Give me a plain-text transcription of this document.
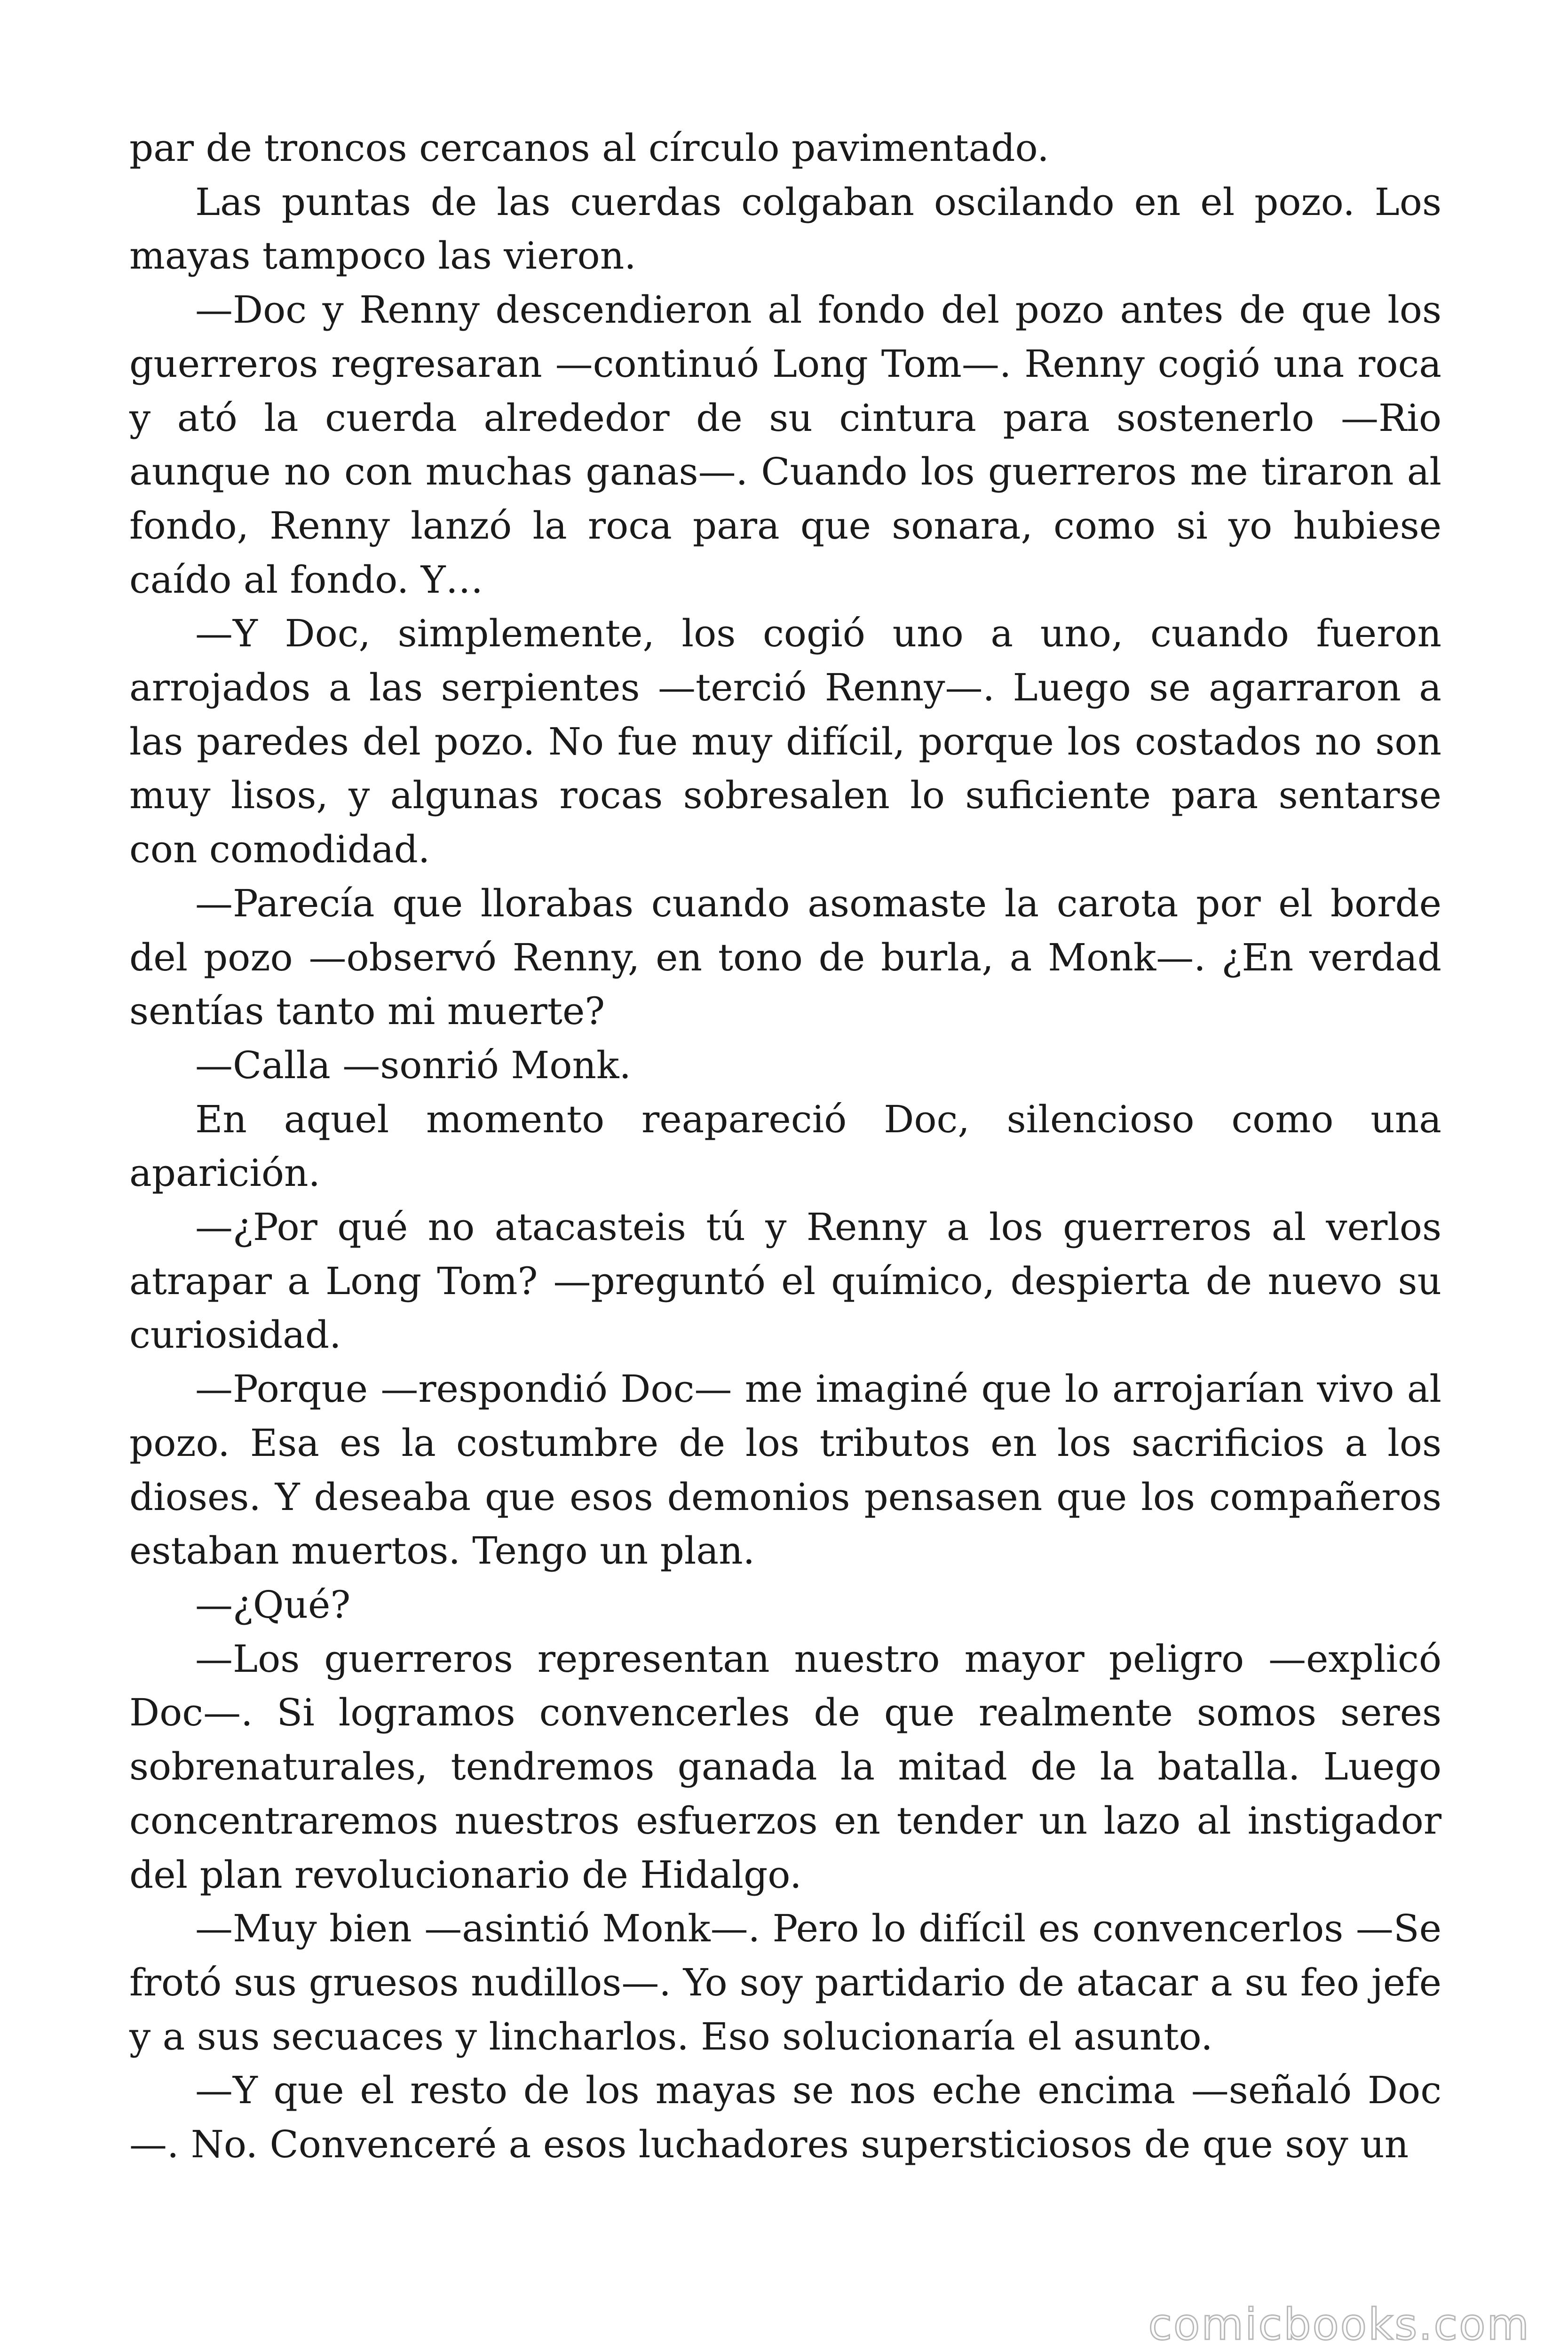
par de troncos cercanos al círculo pavimentado.

Las puntas de las cuerdas colgaban oscilando en el pozo. Los mayas tampoco las vieron.

—Doc y Renny descendieron al fondo del pozo antes de que los guerreros regresaran —continuó Long Tom—. Renny cogió una roca y ató la cuerda alrededor de su cintura para sostenerlo —Rio aunque no con muchas ganas—. Cuando los guerreros me tiraron al fondo, Renny lanzó la roca para que sonara, como si yo hubiese caído al fondo. Y…

—Y Doc, simplemente, los cogió uno a uno, cuando fueron arrojados a las serpientes —terció Renny—. Luego se agarraron a las paredes del pozo. No fue muy difícil, porque los costados no son muy lisos, y algunas rocas sobresalen lo suficiente para sentarse con comodidad.

—Parecía que llorabas cuando asomaste la carota por el borde del pozo —observó Renny, en tono de burla, a Monk—. ¿En verdad sentías tanto mi muerte?

—Calla —sonrió Monk.

En aquel momento reapareció Doc, silencioso como una aparición.

—¿Por qué no atacasteis tú y Renny a los guerreros al verlos atrapar a Long Tom? —preguntó el químico, despierta de nuevo su curiosidad.

—Porque —respondió Doc— me imaginé que lo arrojarían vivo al pozo. Esa es la costumbre de los tributos en los sacrificios a los dioses. Y deseaba que esos demonios pensasen que los compañeros estaban muertos. Tengo un plan.

—¿Qué?

—Los guerreros representan nuestro mayor peligro —explicó Doc—. Si logramos convencerles de que realmente somos seres sobrenaturales, tendremos ganada la mitad de la batalla. Luego concentraremos nuestros esfuerzos en tender un lazo al instigador del plan revolucionario de Hidalgo.

—Muy bien —asintió Monk—. Pero lo difícil es convencerlos —Se frotó sus gruesos nudillos—. Yo soy partidario de atacar a su feo jefe y a sus secuaces y lincharlos. Eso solucionaría el asunto.

—Y que el resto de los mayas se nos eche encima —señaló Doc —. No. Convenceré a esos luchadores supersticiosos de que soy un

comicbooks.com
